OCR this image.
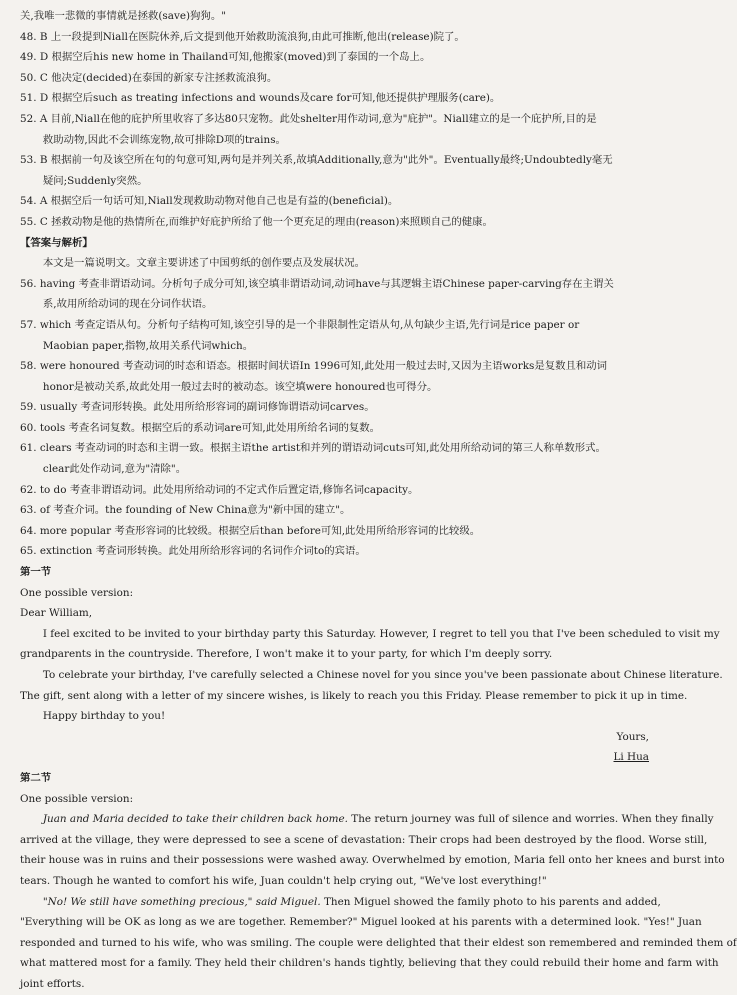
关,我唯一悲微的事情就是拯救(save)狗狗。"
48. B 上一段提到Niall在医院休养,后文提到他开始救助流浪狗,由此可推断,他出(release)院了。
49. D 根据空后his new home in Thailand可知,他搬家(moved)到了泰国的一个岛上。
50. C 他决定(decided)在泰国的新家专注拯救流浪狗。
51. D 根据空后such as treating infections and wounds及care for可知,他还提供护理服务(care)。
52. A 目前,Niall在他的庇护所里收容了多达80只宠物。此处shelter用作动词,意为"庇护"。Niall建立的是一个庇护所,目的是
救助动物,因此不会训练宠物,故可排除D项的trains。
53. B 根据前一句及该空所在句的句意可知,两句是并列关系,故填Additionally,意为"此外"。Eventually最终;Undoubtedly毫无
疑问;Suddenly突然。
54. A 根据空后一句话可知,Niall发现救助动物对他自己也是有益的(beneficial)。
55. C 拯救动物是他的热情所在,而维护好庇护所给了他一个更充足的理由(reason)来照顾自己的健康。
【答案与解析】
本文是一篇说明文。文章主要讲述了中国剪纸的创作要点及发展状况。
56. having 考查非谓语动词。分析句子成分可知,该空填非谓语动词,动词have与其逻辑主语Chinese paper-carving存在主谓关
系,故用所给动词的现在分词作状语。
57. which 考查定语从句。分析句子结构可知,该空引导的是一个非限制性定语从句,从句缺少主语,先行词是rice paper or
Maobian paper,指物,故用关系代词which。
58. were honoured 考查动词的时态和语态。根据时间状语In 1996可知,此处用一般过去时,又因为主语works是复数且和动词
honor是被动关系,故此处用一般过去时的被动态。该空填were honoured也可得分。
59. usually 考查词形转换。此处用所给形容词的副词修饰谓语动词carves。
60. tools 考查名词复数。根据空后的系动词are可知,此处用所给名词的复数。
61. clears 考查动词的时态和主谓一致。根据主语the artist和并列的谓语动词cuts可知,此处用所给动词的第三人称单数形式。
clear此处作动词,意为"清除"。
62. to do 考查非谓语动词。此处用所给动词的不定式作后置定语,修饰名词capacity。
63. of 考查介词。the founding of New China意为"新中国的建立"。
64. more popular 考查形容词的比较级。根据空后than before可知,此处用所给形容词的比较级。
65. extinction 考查词形转换。此处用所给形容词的名词作介词to的宾语。
第一节
One possible version:
Dear William,
I feel excited to be invited to your birthday party this Saturday. However, I regret to tell you that I've been scheduled to visit my
grandparents in the countryside. Therefore, I won't make it to your party, for which I'm deeply sorry.
To celebrate your birthday, I've carefully selected a Chinese novel for you since you've been passionate about Chinese literature.
The gift, sent along with a letter of my sincere wishes, is likely to reach you this Friday. Please remember to pick it up in time.
Happy birthday to you!
Yours,
Li Hua
第二节
One possible version:
Juan and Maria decided to take their children back home. The return journey was full of silence and worries. When they finally
arrived at the village, they were depressed to see a scene of devastation: Their crops had been destroyed by the flood. Worse still,
their house was in ruins and their possessions were washed away. Overwhelmed by emotion, Maria fell onto her knees and burst into
tears. Though he wanted to comfort his wife, Juan couldn't help crying out, "We've lost everything!"
"No! We still have something precious," said Miguel. Then Miguel showed the family photo to his parents and added,
"Everything will be OK as long as we are together. Remember?" Miguel looked at his parents with a determined look. "Yes!" Juan
responded and turned to his wife, who was smiling. The couple were delighted that their eldest son remembered and reminded them of
what mattered most for a family. They held their children's hands tightly, believing that they could rebuild their home and farm with
joint efforts.
